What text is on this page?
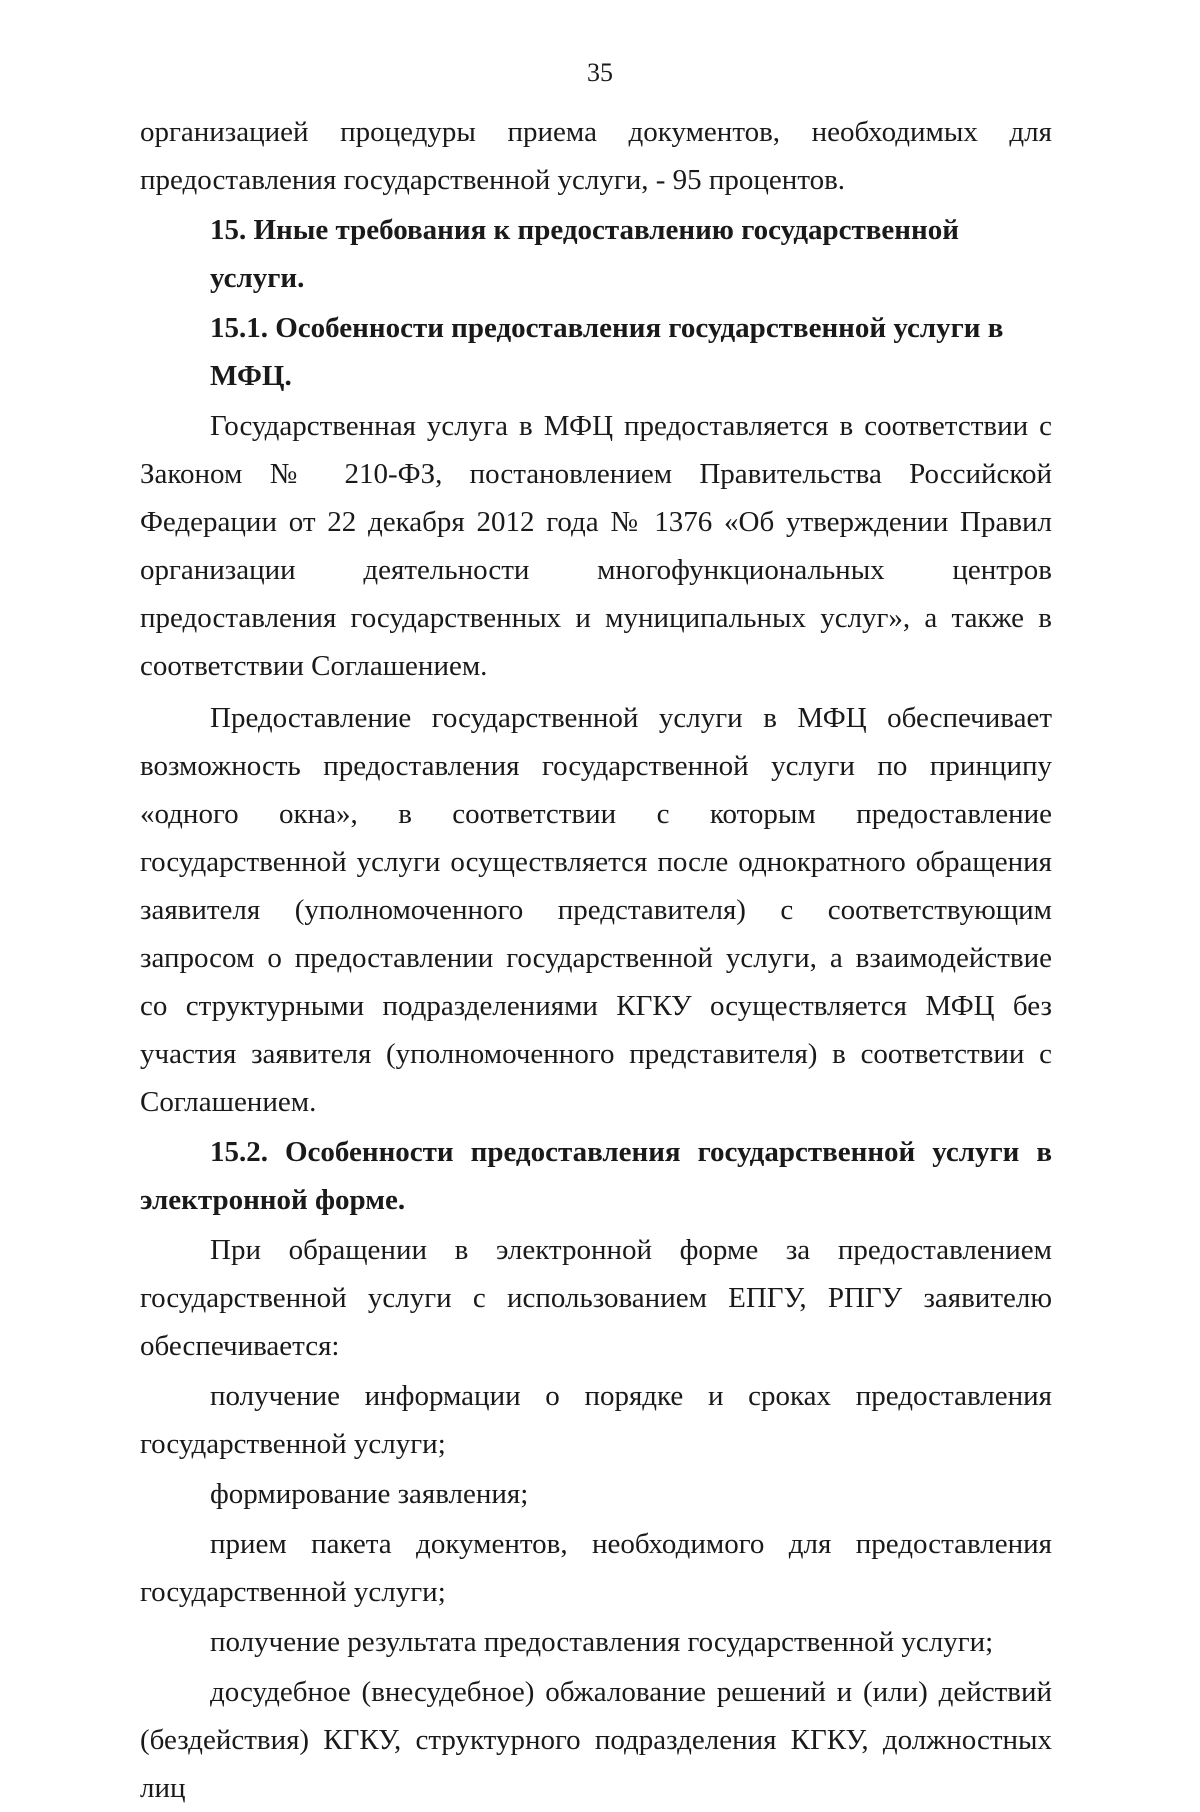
35

организацией процедуры приема документов, необходимых для предоставления государственной услуги, - 95 процентов.

15. Иные требования к предоставлению государственной услуги.

15.1. Особенности предоставления государственной услуги в МФЦ.

Государственная услуга в МФЦ предоставляется в соответствии с Законом № 210-ФЗ, постановлением Правительства Российской Федерации от 22 декабря 2012 года № 1376 «Об утверждении Правил организации деятельности многофункциональных центров предоставления государственных и муниципальных услуг», а также в соответствии Соглашением.

Предоставление государственной услуги в МФЦ обеспечивает возможность предоставления государственной услуги по принципу «одного окна», в соответствии с которым предоставление государственной услуги осуществляется после однократного обращения заявителя (уполномоченного представителя) с соответствующим запросом о предоставлении государственной услуги, а взаимодействие со структурными подразделениями КГКУ осуществляется МФЦ без участия заявителя (уполномоченного представителя) в соответствии с Соглашением.

15.2. Особенности предоставления государственной услуги в электронной форме.

При обращении в электронной форме за предоставлением государственной услуги с использованием ЕПГУ, РПГУ заявителю обеспечивается:

получение информации о порядке и сроках предоставления государственной услуги;

формирование заявления;

прием пакета документов, необходимого для предоставления государственной услуги;

получение результата предоставления государственной услуги;

досудебное (внесудебное) обжалование решений и (или) действий (бездействия) КГКУ, структурного подразделения КГКУ, должностных лиц
